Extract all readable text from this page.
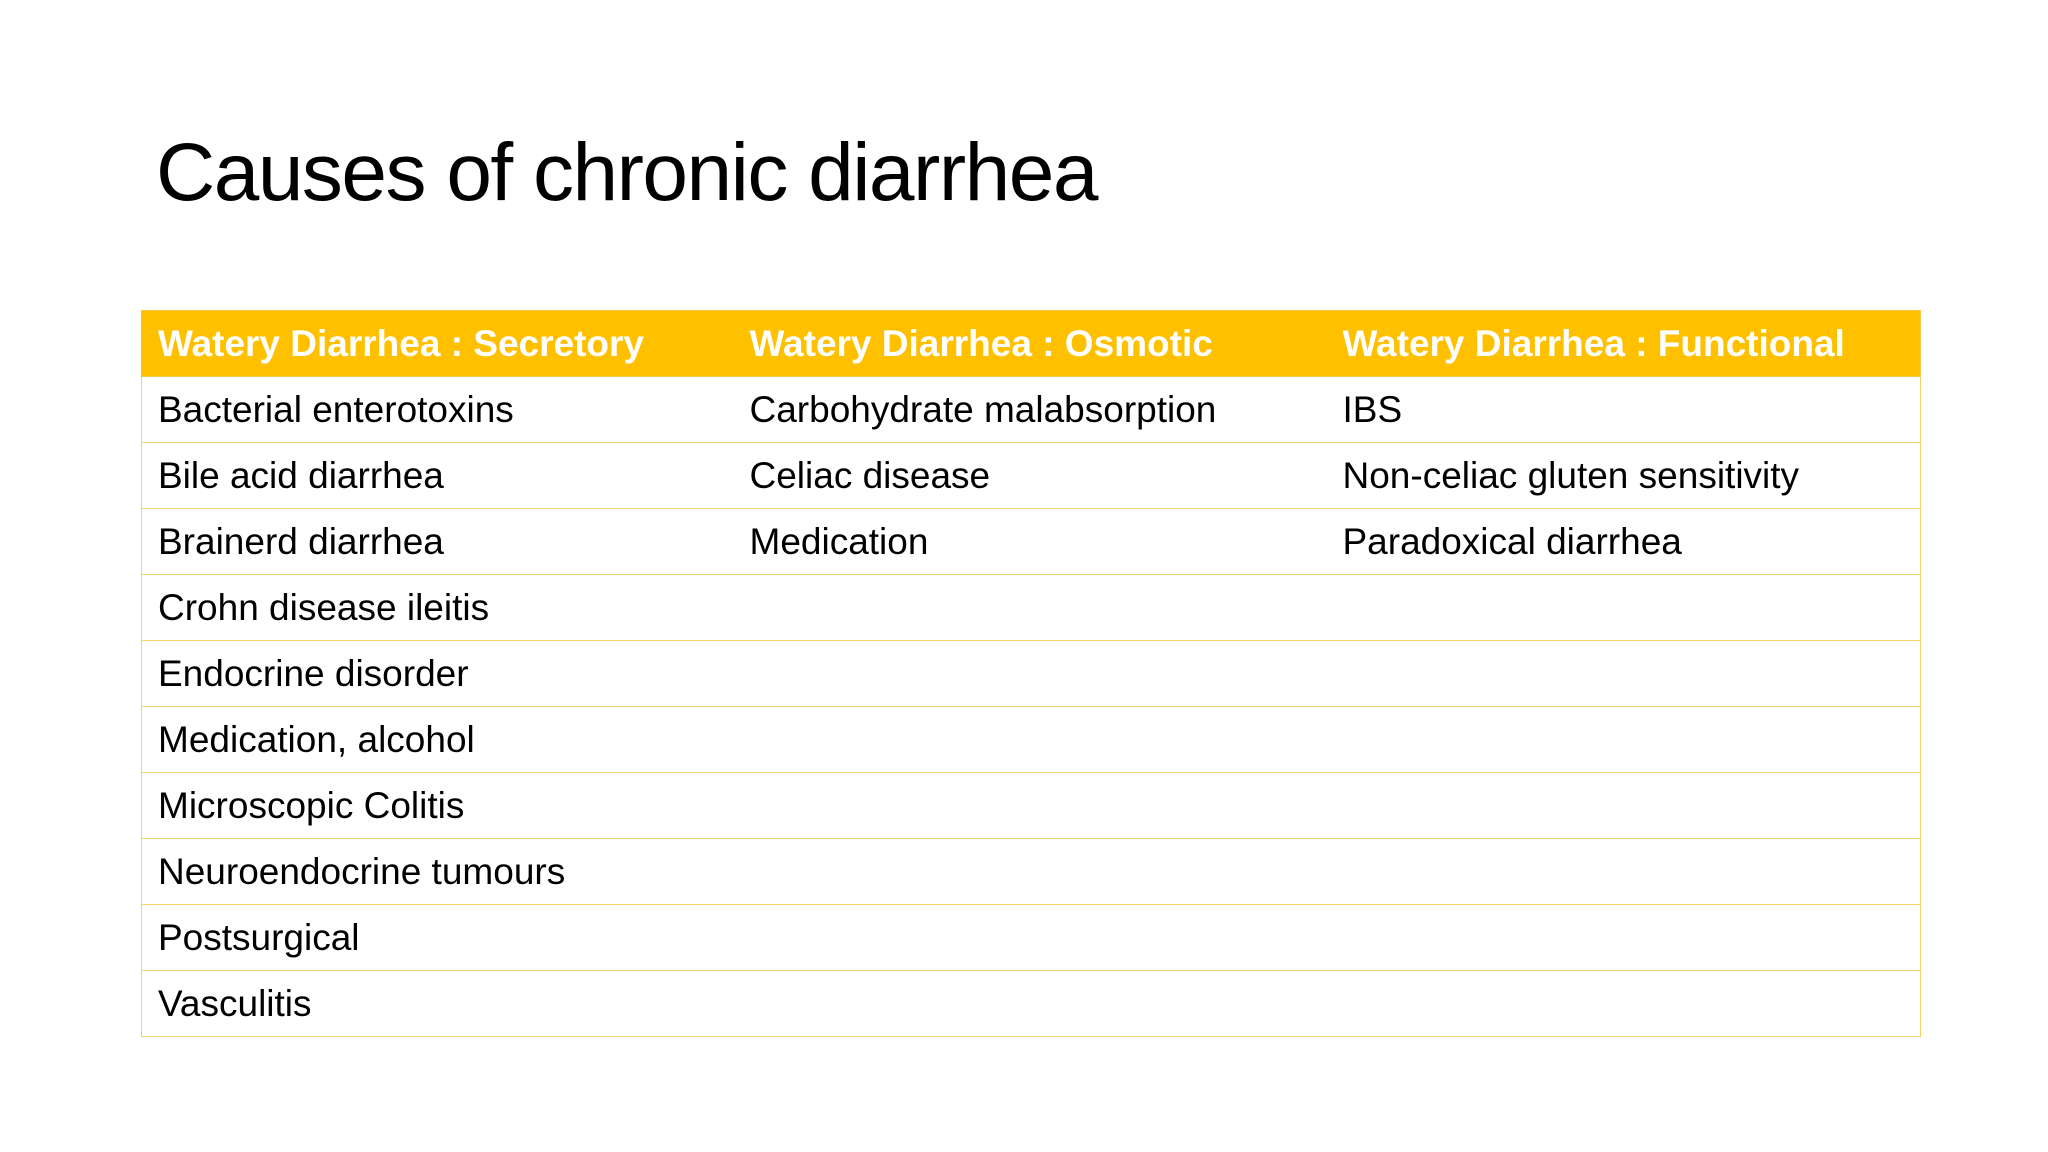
Causes of chronic diarrhea
Watery Diarrhea : Secretory	Watery Diarrhea : Osmotic	Watery Diarrhea : Functional
Bacterial enterotoxins	Carbohydrate malabsorption	IBS
Bile acid diarrhea	Celiac disease	Non-celiac gluten sensitivity
Brainerd diarrhea	Medication	Paradoxical diarrhea
Crohn disease ileitis		
Endocrine disorder		
Medication, alcohol		
Microscopic Colitis		
Neuroendocrine tumours		
Postsurgical		
Vasculitis		
